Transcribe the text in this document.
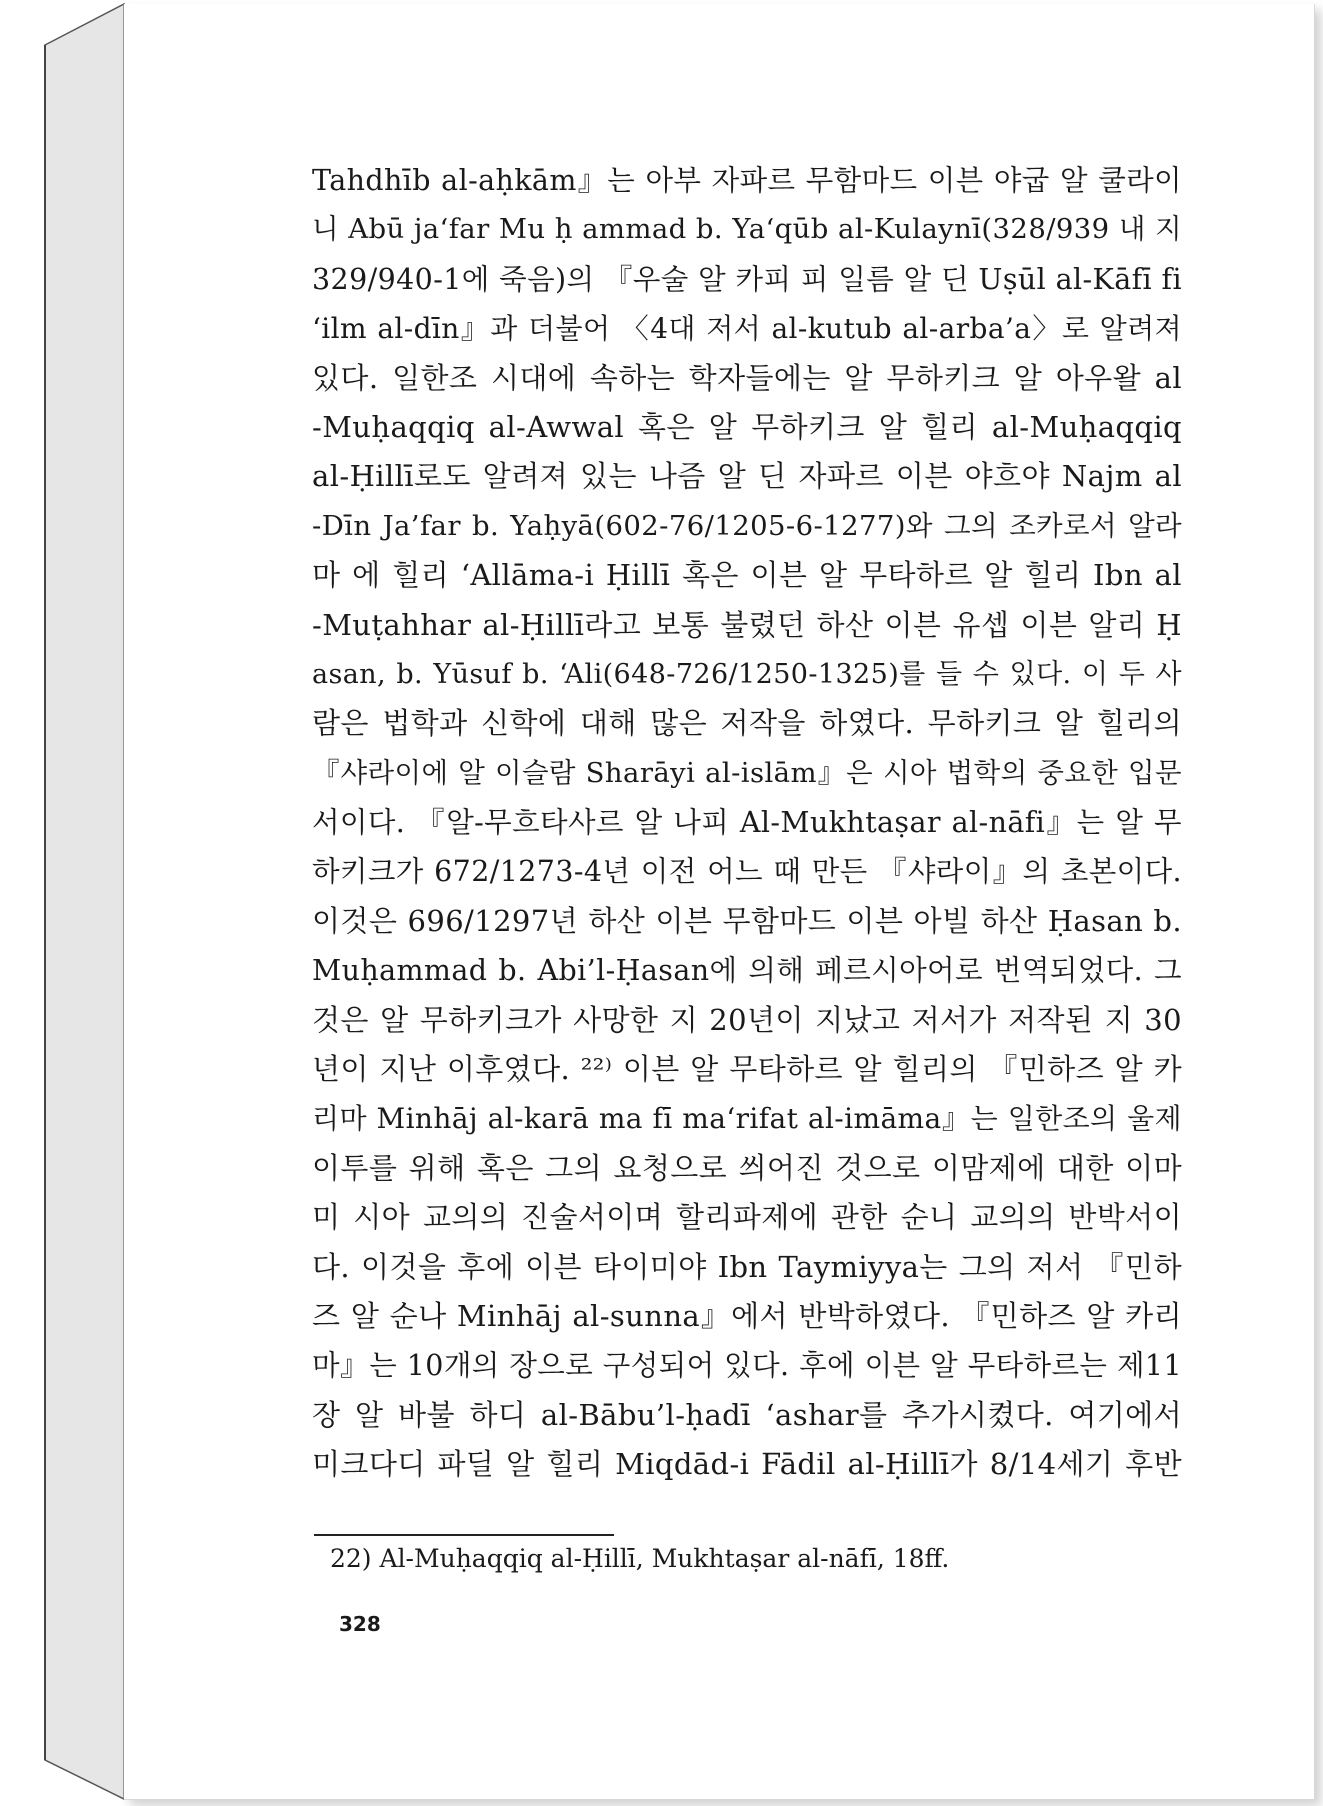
Tahdhīb al-aḥkām』는 아부 자파르 무함마드 이븐 야굽 알 쿨라이
니 Abū ja‘far Mu ḥ ammad b. Ya‘qūb al-Kulaynī(328/939 내 지
329/940-1에 죽음)의 『우술 알 카피 피 일름 알 딘 Uṣūl al-Kāfī fi
‘ilm al-dīn』과 더불어 〈4대 저서 al-kutub al-arba’a〉로 알려져
있다. 일한조 시대에 속하는 학자들에는 알 무하키크 알 아우왈 al
-Muḥaqqiq al-Awwal 혹은 알 무하키크 알 힐리 al-Muḥaqqiq
al-Ḥillī로도 알려져 있는 나즘 알 딘 자파르 이븐 야흐야 Najm al
-Dīn Ja’far b. Yaḥyā(602-76/1205-6-1277)와 그의 조카로서 알라
마 에 힐리 ‘Allāma-i Ḥillī 혹은 이븐 알 무타하르 알 힐리 Ibn al
-Muṭahhar al-Ḥillī라고 보통 불렸던 하산 이븐 유셉 이븐 알리 Ḥ
asan, b. Yūsuf b. ‘Ali(648-726/1250-1325)를 들 수 있다. 이 두 사
람은 법학과 신학에 대해 많은 저작을 하였다. 무하키크 알 힐리의
『샤라이에 알 이슬람 Sharāyi al-islām』은 시아 법학의 중요한 입문
서이다. 『알-무흐타사르 알 나피 Al-Mukhtaṣar al-nāfi』는 알 무
하키크가 672/1273-4년 이전 어느 때 만든 『샤라이』의 초본이다.
이것은 696/1297년 하산 이븐 무함마드 이븐 아빌 하산 Ḥasan b.
Muḥammad b. Abi’l-Ḥasan에 의해 페르시아어로 번역되었다. 그
것은 알 무하키크가 사망한 지 20년이 지났고 저서가 저작된 지 30
년이 지난 이후였다. ²²⁾ 이븐 알 무타하르 알 힐리의 『민하즈 알 카
리마 Minhāj al-karā ma fī ma‘rifat al-imāma』는 일한조의 울제
이투를 위해 혹은 그의 요청으로 씌어진 것으로 이맘제에 대한 이마
미 시아 교의의 진술서이며 할리파제에 관한 순니 교의의 반박서이
다. 이것을 후에 이븐 타이미야 Ibn Taymiyya는 그의 저서 『민하
즈 알 순나 Minhāj al-sunna』에서 반박하였다. 『민하즈 알 카리
마』는 10개의 장으로 구성되어 있다. 후에 이븐 알 무타하르는 제11
장 알 바불 하디 al-Bābu’l-ḥadī ‘ashar를 추가시켰다. 여기에서
미크다디 파딜 알 힐리 Miqdād-i Fādil al-Ḥillī가 8/14세기 후반
22) Al-Muḥaqqiq al-Ḥillī, Mukhtaṣar al-nāfī, 18ff.
328
